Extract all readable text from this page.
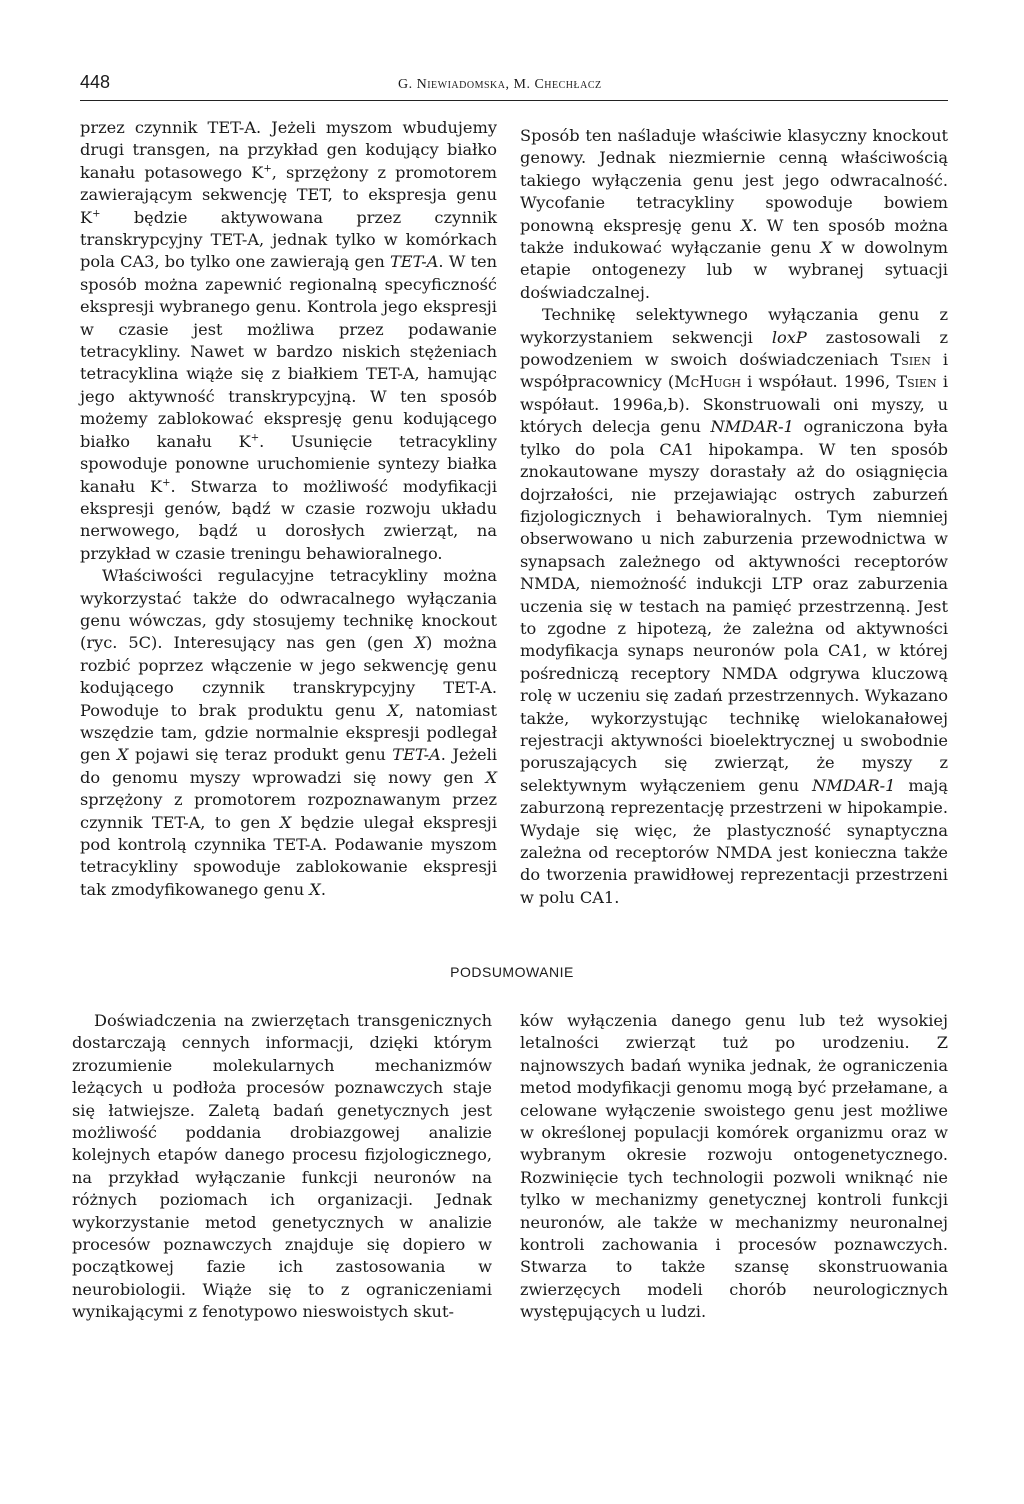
448	G. Niewiadomska, M. Chechłacz

przez czynnik TET-A. Jeżeli myszom wbudujemy drugi transgen, na przykład gen kodujący białko kanału potasowego K+, sprzężony z promotorem zawierającym sekwencję TET, to ekspresja genu K+ będzie aktywowana przez czynnik transkrypcyjny TET-A, jednak tylko w komórkach pola CA3, bo tylko one zawierają gen TET-A. W ten sposób można zapewnić regionalną specyficzność ekspresji wybranego genu. Kontrola jego ekspresji w czasie jest możliwa przez podawanie tetracykliny. Nawet w bardzo niskich stężeniach tetracyklina wiąże się z białkiem TET-A, hamując jego aktywność transkrypcyjną. W ten sposób możemy zablokować ekspresję genu kodującego białko kanału K+. Usunięcie tetracykliny spowoduje ponowne uruchomienie syntezy białka kanału K+. Stwarza to możliwość modyfikacji ekspresji genów, bądź w czasie rozwoju układu nerwowego, bądź u dorosłych zwierząt, na przykład w czasie treningu behawioralnego.

Właściwości regulacyjne tetracykliny można wykorzystać także do odwracalnego wyłączania genu wówczas, gdy stosujemy technikę knockout (ryc. 5C). Interesujący nas gen (gen X) można rozbić poprzez włączenie w jego sekwencję genu kodującego czynnik transkrypcyjny TET-A. Powoduje to brak produktu genu X, natomiast wszędzie tam, gdzie normalnie ekspresji podlegał gen X pojawi się teraz produkt genu TET-A. Jeżeli do genomu myszy wprowadzi się nowy gen X sprzężony z promotorem rozpoznawanym przez czynnik TET-A, to gen X będzie ulegał ekspresji pod kontrolą czynnika TET-A. Podawanie myszom tetracykliny spowoduje zablokowanie ekspresji tak zmodyfikowanego genu X.

Sposób ten naśladuje właściwie klasyczny knockout genowy. Jednak niezmiernie cenną właściwością takiego wyłączenia genu jest jego odwracalność. Wycofanie tetracykliny spowoduje bowiem ponowną ekspresję genu X. W ten sposób można także indukować wyłączanie genu X w dowolnym etapie ontogenezy lub w wybranej sytuacji doświadczalnej.

Technikę selektywnego wyłączania genu z wykorzystaniem sekwencji loxP zastosowali z powodzeniem w swoich doświadczeniach Tsien i współpracownicy (McHugh i współaut. 1996, Tsien i współaut. 1996a,b). Skonstruowali oni myszy, u których delecja genu NMDAR-1 ograniczona była tylko do pola CA1 hipokampa. W ten sposób znokautowane myszy dorastały aż do osiągnięcia dojrzałości, nie przejawiając ostrych zaburzeń fizjologicznych i behawioralnych. Tym niemniej obserwowano u nich zaburzenia przewodnictwa w synapsach zależnego od aktywności receptorów NMDA, niemożność indukcji LTP oraz zaburzenia uczenia się w testach na pamięć przestrzenną. Jest to zgodne z hipotezą, że zależna od aktywności modyfikacja synaps neuronów pola CA1, w której pośredniczą receptory NMDA odgrywa kluczową rolę w uczeniu się zadań przestrzennych. Wykazano także, wykorzystując technikę wielokanałowej rejestracji aktywności bioelektrycznej u swobodnie poruszających się zwierząt, że myszy z selektywnym wyłączeniem genu NMDAR-1 mają zaburzoną reprezentację przestrzeni w hipokampie. Wydaje się więc, że plastyczność synaptyczna zależna od receptorów NMDA jest konieczna także do tworzenia prawidłowej reprezentacji przestrzeni w polu CA1.

PODSUMOWANIE

Doświadczenia na zwierzętach transgenicznych dostarczają cennych informacji, dzięki którym zrozumienie molekularnych mechanizmów leżących u podłoża procesów poznawczych staje się łatwiejsze. Zaletą badań genetycznych jest możliwość poddania drobiazgowej analizie kolejnych etapów danego procesu fizjologicznego, na przykład wyłączanie funkcji neuronów na różnych poziomach ich organizacji. Jednak wykorzystanie metod genetycznych w analizie procesów poznawczych znajduje się dopiero w początkowej fazie ich zastosowania w neurobiologii. Wiąże się to z ograniczeniami wynikającymi z fenotypowo nieswoistych skut-

ków wyłączenia danego genu lub też wysokiej letalności zwierząt tuż po urodzeniu. Z najnowszych badań wynika jednak, że ograniczenia metod modyfikacji genomu mogą być przełamane, a celowane wyłączenie swoistego genu jest możliwe w określonej populacji komórek organizmu oraz w wybranym okresie rozwoju ontogenetycznego. Rozwinięcie tych technologii pozwoli wniknąć nie tylko w mechanizmy genetycznej kontroli funkcji neuronów, ale także w mechanizmy neuronalnej kontroli zachowania i procesów poznawczych. Stwarza to także szansę skonstruowania zwierzęcych modeli chorób neurologicznych występujących u ludzi.
